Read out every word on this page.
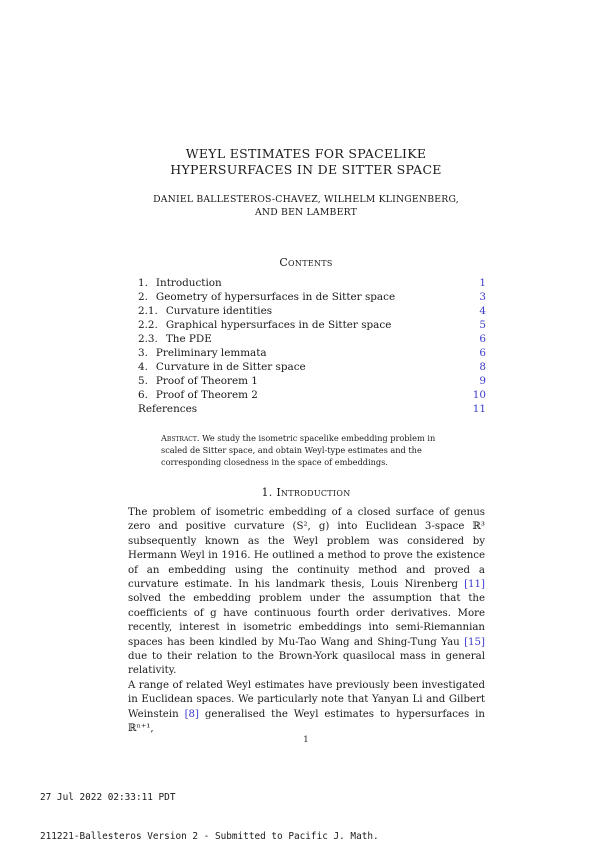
WEYL ESTIMATES FOR SPACELIKE
HYPERSURFACES IN DE SITTER SPACE
DANIEL BALLESTEROS-CHAVEZ, WILHELM KLINGENBERG,
AND BEN LAMBERT
Contents
1. Introduction	1
2. Geometry of hypersurfaces in de Sitter space	3
2.1. Curvature identities	4
2.2. Graphical hypersurfaces in de Sitter space	5
2.3. The PDE	6
3. Preliminary lemmata	6
4. Curvature in de Sitter space	8
5. Proof of Theorem 1	9
6. Proof of Theorem 2	10
References	11
Abstract. We study the isometric spacelike embedding problem in scaled de Sitter space, and obtain Weyl-type estimates and the corresponding closedness in the space of embeddings.
1. Introduction

The problem of isometric embedding of a closed surface of genus zero and positive curvature (S², g) into Euclidean 3-space ℝ³ subsequently known as the Weyl problem was considered by Hermann Weyl in 1916. He outlined a method to prove the existence of an embedding using the continuity method and proved a curvature estimate. In his landmark thesis, Louis Nirenberg [11] solved the embedding problem under the assumption that the coefficients of g have continuous fourth order derivatives. More recently, interest in isometric embeddings into semi-Riemannian spaces has been kindled by Mu-Tao Wang and Shing-Tung Yau [15] due to their relation to the Brown-York quasilocal mass in general relativity.

A range of related Weyl estimates have previously been investigated in Euclidean spaces. We particularly note that Yanyan Li and Gilbert Weinstein [8] generalised the Weyl estimates to hypersurfaces in ℝⁿ⁺¹,

1

27 Jul 2022 02:33:11 PDT

211221-Ballesteros Version 2 - Submitted to Pacific J. Math.
